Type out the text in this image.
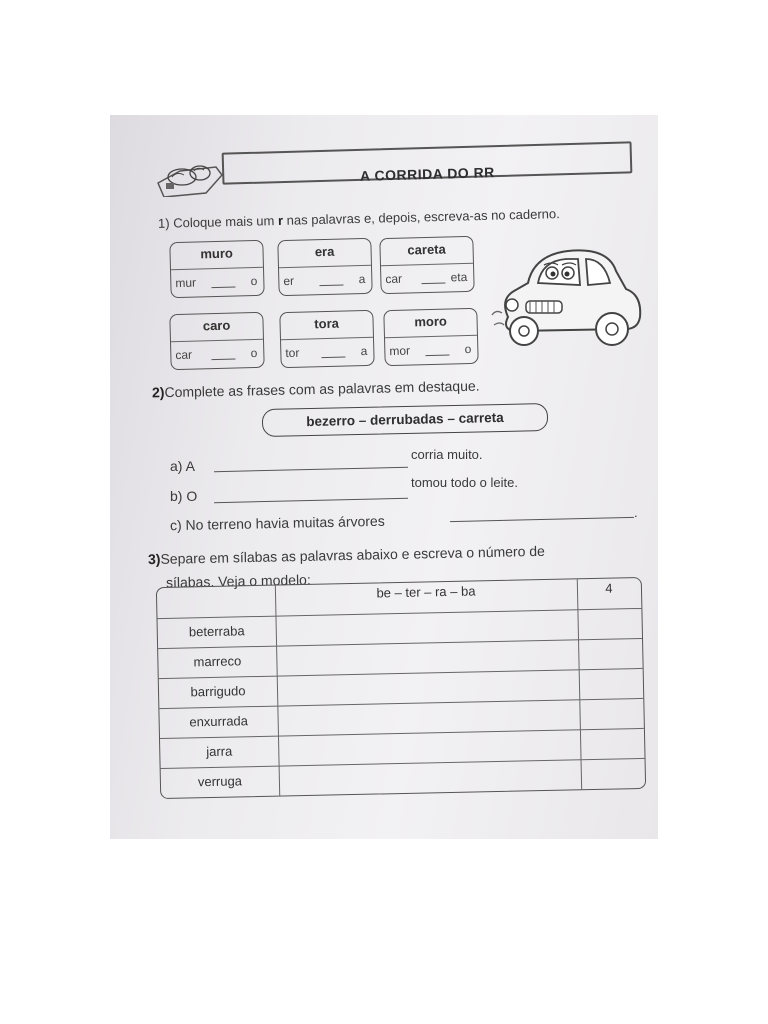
A CORRIDA DO RR
1) Coloque mais um r nas palavras e, depois, escreva-as no caderno.
muro
mur	o
era
er	a
careta
car	eta
caro
car	o
tora
tor	a
moro
mor	o
2)Complete as frases com as palavras em destaque.
bezerro – derrubadas – carreta
a) A
corria muito.
b) O
tomou todo o leite.
c) No terreno havia muitas árvores
.
3)Separe em sílabas as palavras abaixo e escreva o número de
sílabas. Veja o modelo:
be – ter – ra – ba	4
beterraba
marreco
barrigudo
enxurrada
jarra
verruga
